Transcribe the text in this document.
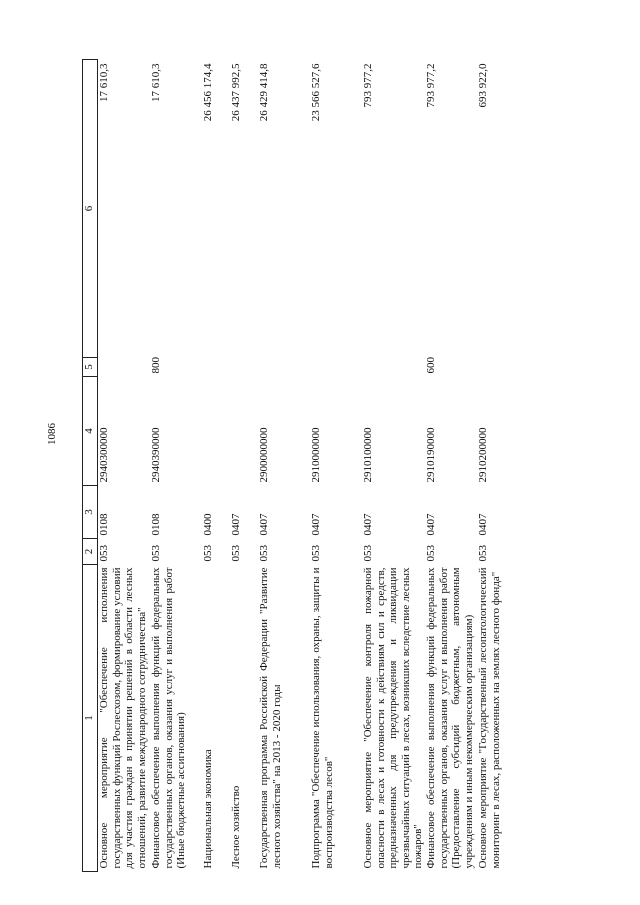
1086
1	2	3	4	5	6
Основное мероприятие "Обеспечение исполнения государственных функций Рослесхозом, формирование условий для участия граждан в принятии решений в области лесных отношений, развитие международного сотрудничества"	053	0108	2940300000		17 610,3
Финансовое обеспечение выполнения функций федеральных государственных органов, оказания услуг и выполнения работ (Иные бюджетные ассигнования)	053	0108	2940390000	800	17 610,3
Национальная экономика	053	0400			26 456 174,4
Лесное хозяйство	053	0407			26 437 992,5
Государственная программа Российской Федерации "Развитие лесного хозяйства" на 2013 - 2020 годы	053	0407	2900000000		26 429 414,8
Подпрограмма "Обеспечение использования, охраны, защиты и воспроизводства лесов"	053	0407	2910000000		23 566 527,6
Основное мероприятие "Обеспечение контроля пожарной опасности в лесах и готовности к действиям сил и средств, предназначенных для предупреждения и ликвидации чрезвычайных ситуаций в лесах, возникших вследствие лесных пожаров"	053	0407	2910100000		793 977,2
Финансовое обеспечение выполнения функций федеральных государственных органов, оказания услуг и выполнения работ (Предоставление субсидий бюджетным, автономным учреждениям и иным некоммерческим организациям)	053	0407	2910190000	600	793 977,2
Основное мероприятие "Государственный лесопатологический мониторинг в лесах, расположенных на землях лесного фонда"	053	0407	2910200000		693 922,0
